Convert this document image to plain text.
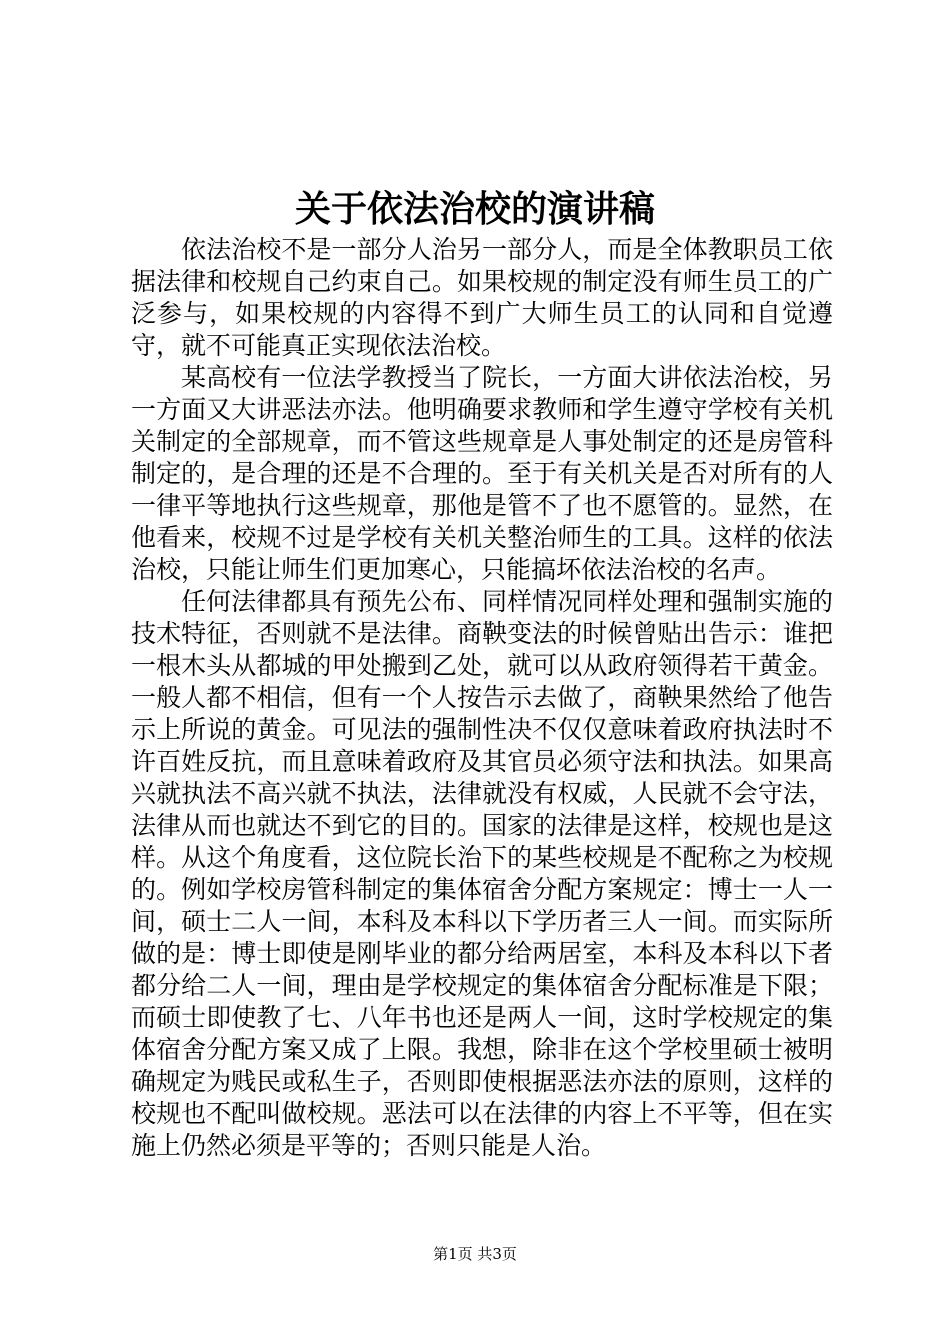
关于依法治校的演讲稿

依法治校不是一部分人治另一部分人，而是全体教职员工依据法律和校规自己约束自己。如果校规的制定没有师生员工的广泛参与，如果校规的内容得不到广大师生员工的认同和自觉遵守，就不可能真正实现依法治校。

某高校有一位法学教授当了院长，一方面大讲依法治校，另一方面又大讲恶法亦法。他明确要求教师和学生遵守学校有关机关制定的全部规章，而不管这些规章是人事处制定的还是房管科制定的，是合理的还是不合理的。至于有关机关是否对所有的人一律平等地执行这些规章，那他是管不了也不愿管的。显然，在他看来，校规不过是学校有关机关整治师生的工具。这样的依法治校，只能让师生们更加寒心，只能搞坏依法治校的名声。

任何法律都具有预先公布、同样情况同样处理和强制实施的技术特征，否则就不是法律。商鞅变法的时候曾贴出告示：谁把一根木头从都城的甲处搬到乙处，就可以从政府领得若干黄金。一般人都不相信，但有一个人按告示去做了，商鞅果然给了他告示上所说的黄金。可见法的强制性决不仅仅意味着政府执法时不许百姓反抗，而且意味着政府及其官员必须守法和执法。如果高兴就执法不高兴就不执法，法律就没有权威，人民就不会守法，法律从而也就达不到它的目的。国家的法律是这样，校规也是这样。从这个角度看，这位院长治下的某些校规是不配称之为校规的。例如学校房管科制定的集体宿舍分配方案规定：博士一人一间，硕士二人一间，本科及本科以下学历者三人一间。而实际所做的是：博士即使是刚毕业的都分给两居室，本科及本科以下者都分给二人一间，理由是学校规定的集体宿舍分配标准是下限；而硕士即使教了七、八年书也还是两人一间，这时学校规定的集体宿舍分配方案又成了上限。我想，除非在这个学校里硕士被明确规定为贱民或私生子，否则即使根据恶法亦法的原则，这样的校规也不配叫做校规。恶法可以在法律的内容上不平等，但在实施上仍然必须是平等的；否则只能是人治。

第1页 共3页
